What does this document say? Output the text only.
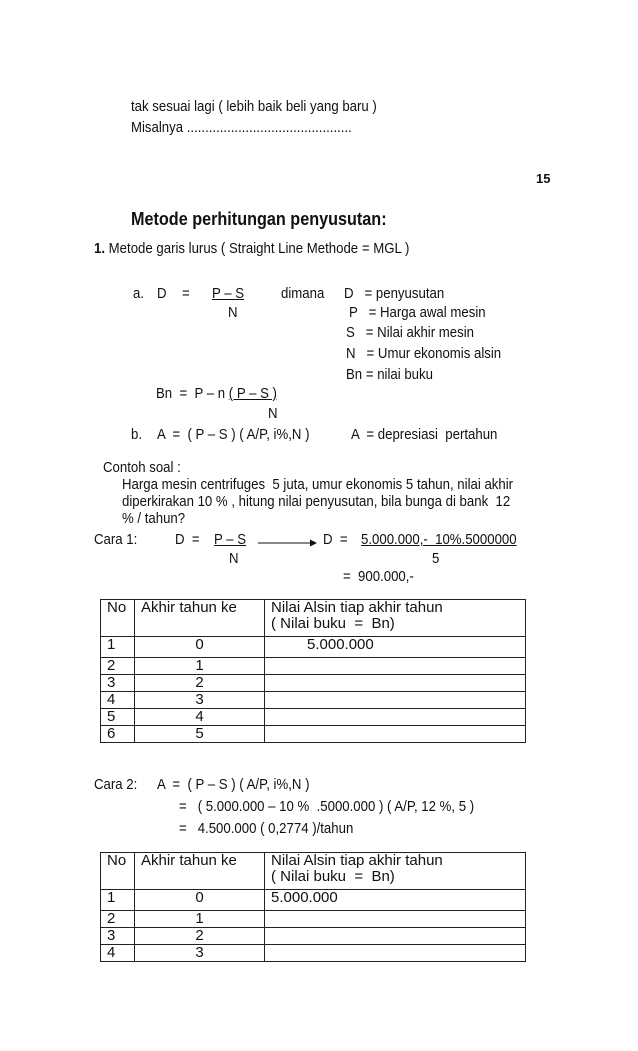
tak sesuai lagi ( lebih baik beli yang baru )
Misalnya .............................................
15
Metode perhitungan penyusutan:
1. Metode garis lurus ( Straight Line Methode = MGL )
a. D = P – S
N
dimana D   = penyusutan
P   = Harga awal mesin
S   = Nilai akhir mesin
N   = Umur ekonomis alsin
Bn = nilai buku
Bn  =  P – n ( P – S )
N
b. A  =  ( P – S ) ( A/P, i%,N )	A  = depresiasi  pertahun
Contoh soal :
Harga mesin centrifuges  5 juta, umur ekonomis 5 tahun, nilai akhir
diperkirakan 10 % , hitung nilai penyusutan, bila bunga di bank  12
% / tahun?
Cara 1:	D  = P – S
N
D  = 5.000.000,-  10%.5000000
5
=  900.000,-
No	Akhir tahun ke	Nilai Alsin tiap akhir tahun
( Nilai buku  =  Bn)
1	0	5.000.000
2	1	
3	2	
4	3	
5	4	
6	5	
Cara 2: A  =  ( P – S ) ( A/P, i%,N )
=   ( 5.000.000 – 10 %  .5000.000 ) ( A/P, 12 %, 5 )
=   4.500.000 ( 0,2774 )/tahun
No	Akhir tahun ke	Nilai Alsin tiap akhir tahun
( Nilai buku  =  Bn)
1	0	5.000.000
2	1	
3	2	
4	3	
